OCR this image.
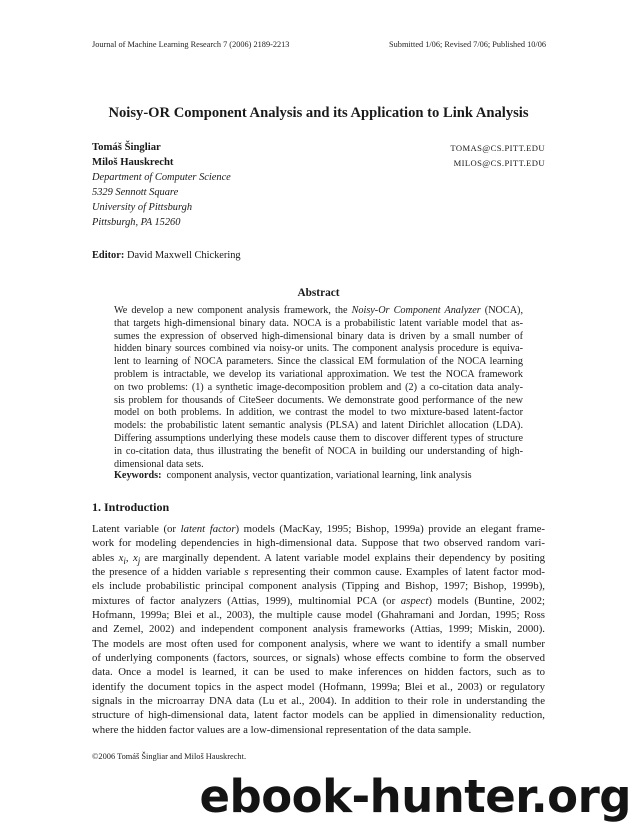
Journal of Machine Learning Research 7 (2006) 2189-2213	Submitted 1/06; Revised 7/06; Published 10/06
Noisy-OR Component Analysis and its Application to Link Analysis
Tomáš Šingliar	TOMAS@CS.PITT.EDU
Miloš Hauskrecht	MILOS@CS.PITT.EDU
Department of Computer Science
5329 Sennott Square
University of Pittsburgh
Pittsburgh, PA 15260
Editor: David Maxwell Chickering
Abstract
We develop a new component analysis framework, the Noisy-Or Component Analyzer (NOCA),
that targets high-dimensional binary data. NOCA is a probabilistic latent variable model that as-
sumes the expression of observed high-dimensional binary data is driven by a small number of
hidden binary sources combined via noisy-or units. The component analysis procedure is equiva-
lent to learning of NOCA parameters. Since the classical EM formulation of the NOCA learning
problem is intractable, we develop its variational approximation. We test the NOCA framework
on two problems: (1) a synthetic image-decomposition problem and (2) a co-citation data analy-
sis problem for thousands of CiteSeer documents. We demonstrate good performance of the new
model on both problems. In addition, we contrast the model to two mixture-based latent-factor
models: the probabilistic latent semantic analysis (PLSA) and latent Dirichlet allocation (LDA).
Differing assumptions underlying these models cause them to discover different types of structure
in co-citation data, thus illustrating the benefit of NOCA in building our understanding of high-
dimensional data sets.
Keywords: component analysis, vector quantization, variational learning, link analysis
1. Introduction
Latent variable (or latent factor) models (MacKay, 1995; Bishop, 1999a) provide an elegant frame-
work for modeling dependencies in high-dimensional data. Suppose that two observed random vari-
ables $x_i$, $x_j$ are marginally dependent. A latent variable model explains their dependency by positing
the presence of a hidden variable s representing their common cause. Examples of latent factor mod-
els include probabilistic principal component analysis (Tipping and Bishop, 1997; Bishop, 1999b),
mixtures of factor analyzers (Attias, 1999), multinomial PCA (or aspect) models (Buntine, 2002;
Hofmann, 1999a; Blei et al., 2003), the multiple cause model (Ghahramani and Jordan, 1995; Ross
and Zemel, 2002) and independent component analysis frameworks (Attias, 1999; Miskin, 2000).
The models are most often used for component analysis, where we want to identify a small number
of underlying components (factors, sources, or signals) whose effects combine to form the observed
data. Once a model is learned, it can be used to make inferences on hidden factors, such as to
identify the document topics in the aspect model (Hofmann, 1999a; Blei et al., 2003) or regulatory
signals in the microarray DNA data (Lu et al., 2004). In addition to their role in understanding the
structure of high-dimensional data, latent factor models can be applied in dimensionality reduction,
where the hidden factor values are a low-dimensional representation of the data sample.
©2006 Tomáš Šingliar and Miloš Hauskrecht.
ebook-hunter.org
